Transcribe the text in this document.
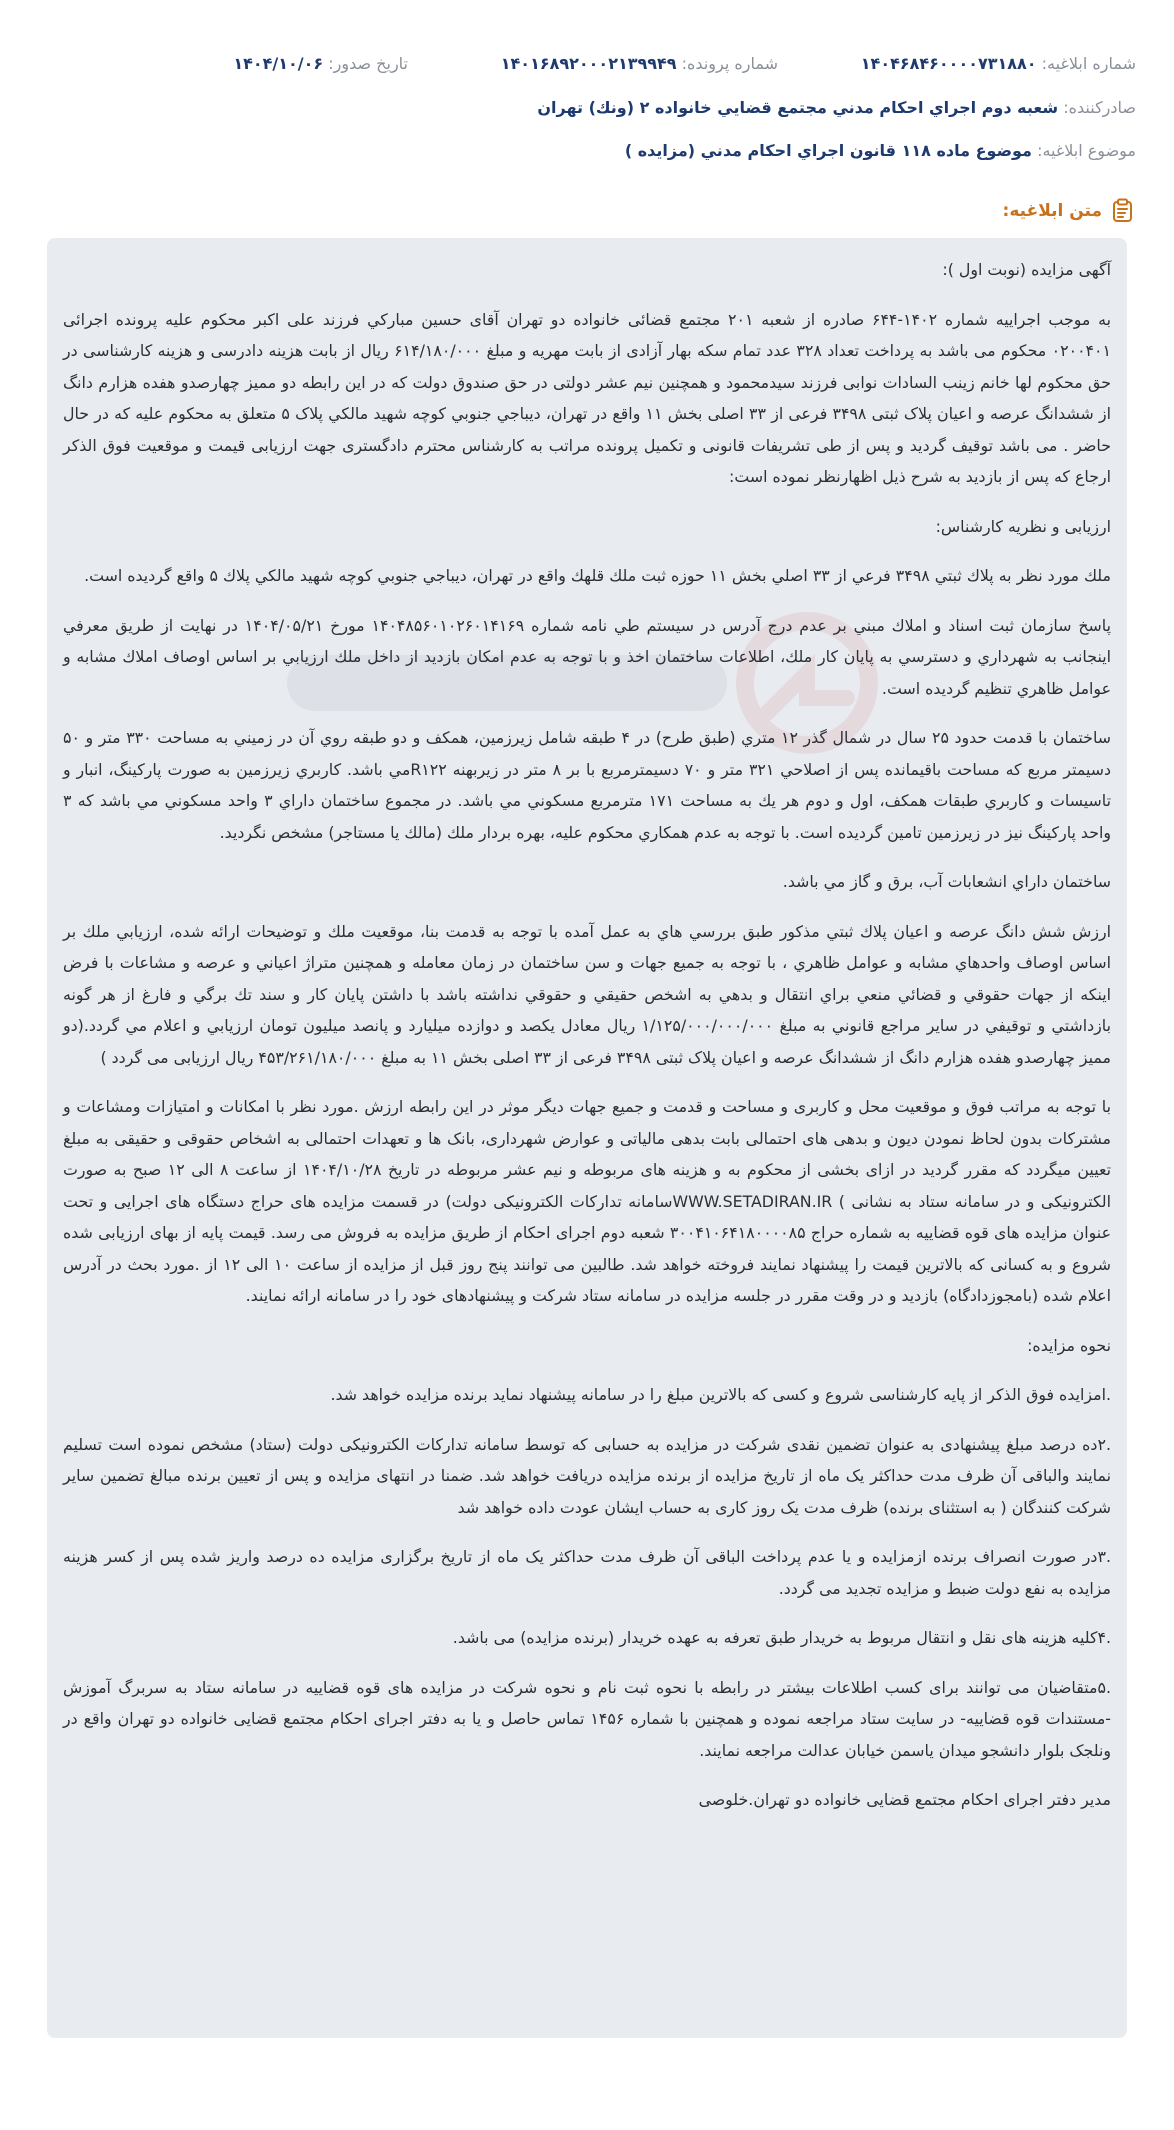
شماره ابلاغیه: ۱۴۰۴۶۸۴۶۰۰۰۰۷۳۱۸۸۰
شماره پرونده: ۱۴۰۱۶۸۹۲۰۰۰۲۱۳۹۹۴۹
تاریخ صدور: ۱۴۰۴/۱۰/۰۶
صادرکننده: شعبه دوم اجراي احكام مدني مجتمع قضايي خانواده ۲ (ونك) تهران
موضوع ابلاغیه: موضوع ماده ۱۱۸ قانون اجراي احكام مدني (مزايده )
متن ابلاغیه:

آگهی مزایده (نوبت اول ):

به موجب اجراییه شماره ۱۴۰۲-۶۴۴ صادره از شعبه ۲۰۱ مجتمع قضائی خانواده دو تهران آقای حسین مبارکي فرزند علی اکبر محکوم علیه پرونده اجرائی ۰۲۰۰۴۰۱ محکوم می باشد به پرداخت تعداد ۳۲۸ عدد تمام سکه بهار آزادی از بابت مهریه و مبلغ ۶۱۴/۱۸۰/۰۰۰ ریال از بابت هزینه دادرسی و هزینه کارشناسی در حق محکوم لها خانم زینب السادات نوابی فرزند سیدمحمود و همچنین نیم عشر دولتی در حق صندوق دولت که در این رابطه دو ممیز چهارصدو هفده هزارم دانگ از ششدانگ عرصه و اعیان پلاک ثبتی ۳۴۹۸ فرعی از ۳۳ اصلی بخش ۱۱ واقع در تهران، ديباجي جنوبي کوچه شهيد مالکي پلاک ۵ متعلق به محکوم علیه که در حال حاضر . می باشد توقیف گردید و پس از طی تشریفات قانونی و تکمیل پرونده مراتب به کارشناس محترم دادگستری جهت ارزیابی قیمت و موقعیت فوق الذکر ارجاع که پس از بازدید به شرح ذیل اظهارنظر نموده است:

ارزیابی و نظریه کارشناس:

ملك مورد نظر به پلاك ثبتي ۳۴۹۸ فرعي از ۳۳ اصلي بخش ۱۱ حوزه ثبت ملك قلهك واقع در تهران، ديباجي جنوبي كوچه شهيد مالكي پلاك ۵ واقع گرديده است.

پاسخ سازمان ثبت اسناد و املاك مبني بر عدم درج آدرس در سيستم طي نامه شماره ۱۴۰۴۸۵۶۰۱۰۲۶۰۱۴۱۶۹ مورخ ۱۴۰۴/۰۵/۲۱ در نهايت از طريق معرفي اينجانب به شهرداري و دسترسي به پايان كار ملك، اطلاعات ساختمان اخذ و با توجه به عدم امكان بازديد از داخل ملك ارزيابي بر اساس اوصاف املاك مشابه و عوامل ظاهري تنظيم گرديده است.

ساختمان با قدمت حدود ۲۵ سال در شمال گذر ۱۲ متري (طبق طرح) در ۴ طبقه شامل زيرزمين، همكف و دو طبقه روي آن در زميني به مساحت ۳۳۰ متر و ۵۰ دسيمتر مربع كه مساحت باقيمانده پس از اصلاحي ۳۲۱ متر و ۷۰ دسيمترمربع با بر ۸ متر در زيربهنه R۱۲۲مي باشد. كاربري زيرزمين به صورت پاركينگ، انبار و تاسيسات و كاربري طبقات همكف، اول و دوم هر يك به مساحت ۱۷۱ مترمربع مسكوني مي باشد. در مجموع ساختمان داراي ۳ واحد مسكوني مي باشد كه ۳ واحد پاركينگ نيز در زيرزمين تامين گرديده است. با توجه به عدم همكاري محكوم عليه، بهره بردار ملك (مالك يا مستاجر) مشخص نگرديد.

ساختمان داراي انشعابات آب، برق و گاز مي باشد.

ارزش شش دانگ عرصه و اعيان پلاك ثبتي مذكور طبق بررسي هاي به عمل آمده با توجه به قدمت بنا، موقعيت ملك و توضيحات ارائه شده، ارزيابي ملك بر اساس اوصاف واحدهاي مشابه و عوامل ظاهري ، با توجه به جميع جهات و سن ساختمان در زمان معامله و همچنين متراژ اعياني و عرصه و مشاعات با فرض اينكه از جهات حقوقي و قضائي منعي براي انتقال و بدهي به اشخص حقيقي و حقوقي نداشته باشد با داشتن پايان كار و سند تك برگي و فارغ از هر گونه بازداشتي و توقيفي در ساير مراجع قانوني به مبلغ ۱/۱۲۵/۰۰۰/۰۰۰/۰۰۰ ريال معادل يكصد و دوازده ميليارد و پانصد ميليون تومان ارزيابي و اعلام مي گردد.(دو ممیز چهارصدو هفده هزارم دانگ از ششدانگ عرصه و اعیان پلاک ثبتی ۳۴۹۸ فرعی از ۳۳ اصلی بخش ۱۱ به مبلغ ۴۵۳/۲۶۱/۱۸۰/۰۰۰ ریال ارزیابی می گردد )

با توجه به مراتب فوق و موقعیت محل و کاربری و مساحت و قدمت و جمیع جهات دیگر موثر در این رابطه ارزش .مورد نظر با امکانات و امتیازات ومشاعات و مشترکات بدون لحاظ نمودن دیون و بدهی های احتمالی بابت بدهی مالیاتی و عوارض شهرداری، بانک ها و تعهدات احتمالی به اشخاص حقوقی و حقیقی به مبلغ تعیین میگردد که مقرر گردید در ازای بخشی از محکوم به و هزینه های مربوطه و نیم عشر مربوطه در تاریخ ۱۴۰۴/۱۰/۲۸ از ساعت ۸ الی ۱۲ صبح به صورت الکترونیکی و در سامانه ستاد به نشانی ) WWW.SETADIRAN.IRسامانه تدارکات الکترونیکی دولت) در قسمت مزایده های حراج دستگاه های اجرایی و تحت عنوان مزایده های قوه قضاییه به شماره حراج ۳۰۰۴۱۰۶۴۱۸۰۰۰۰۸۵ شعبه دوم اجرای احکام از طریق مزایده به فروش می رسد. قیمت پایه از بهای ارزیابی شده شروع و به کسانی که بالاترین قیمت را پیشنهاد نمایند فروخته خواهد شد. طالبین می توانند پنج روز قبل از مزایده از ساعت ۱۰ الی ۱۲ از .مورد بحث در آدرس اعلام شده (بامجوزدادگاه) بازدید و در وقت مقرر در جلسه مزایده در سامانه ستاد شرکت و پیشنهادهای خود را در سامانه ارائه نمایند.

نحوه مزایده:

.امزایده فوق الذکر از پایه کارشناسی شروع و کسی که بالاترین مبلغ را در سامانه پیشنهاد نماید برنده مزایده خواهد شد.

.۲ده درصد مبلغ پیشنهادی به عنوان تضمین نقدی شرکت در مزایده به حسابی که توسط سامانه تدارکات الکترونیکی دولت (ستاد) مشخص نموده است تسلیم نمایند والباقی آن ظرف مدت حداکثر یک ماه از تاریخ مزایده از برنده مزایده دریافت خواهد شد. ضمنا در انتهای مزایده و پس از تعیین برنده مبالغ تضمین سایر شرکت کنندگان ( به استثنای برنده) ظرف مدت یک روز کاری به حساب ایشان عودت داده خواهد شد

.۳در صورت انصراف برنده ازمزایده و یا عدم پرداخت الباقی آن ظرف مدت حداکثر یک ماه از تاریخ برگزاری مزایده ده درصد واریز شده پس از کسر هزینه مزایده به نفع دولت ضبط و مزایده تجدید می گردد.

.۴کلیه هزینه های نقل و انتقال مربوط به خریدار طبق تعرفه به عهده خریدار (برنده مزایده) می باشد.

.۵متقاضیان می توانند برای کسب اطلاعات بیشتر در رابطه با نحوه ثبت نام و نحوه شرکت در مزایده های قوه قضاییه در سامانه ستاد به سربرگ آموزش -مستندات قوه قضاییه- در سایت ستاد مراجعه نموده و همچنین با شماره ۱۴۵۶ تماس حاصل و یا به دفتر اجرای احکام مجتمع قضایی خانواده دو تهران واقع در ونلجک بلوار دانشجو میدان یاسمن خیابان عدالت مراجعه نمایند.

مدیر دفتر اجرای احکام مجتمع قضایی خانواده دو تهران.خلوصی
